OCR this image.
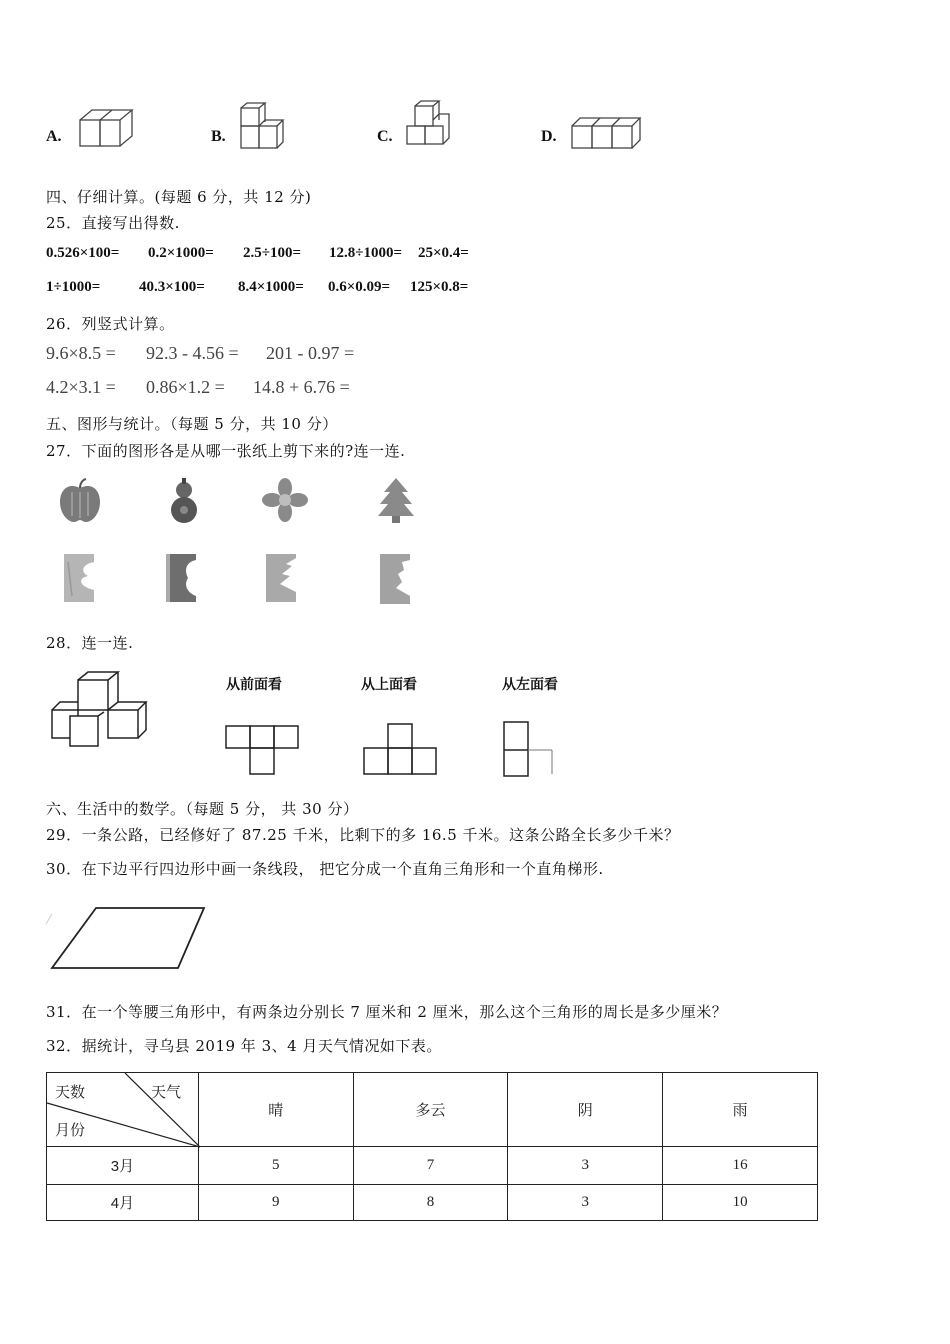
A.	B.	C.	D.
四、仔细计算。(每题 6 分，共 12 分)
25．直接写出得数.
0.526×100= 0.2×1000= 2.5÷100= 12.8÷1000= 25×0.4=
1÷1000=	40.3×100= 8.4×1000= 0.6×0.09= 125×0.8=
26．列竖式计算。
9.6×8.5 = 92.3 - 4.56 = 201 - 0.97 =
4.2×3.1 = 0.86×1.2 = 14.8 + 6.76 =
五、图形与统计。（每题 5 分，共 10 分）
27．下面的图形各是从哪一张纸上剪下来的?连一连.
28．连一连.
从前面看	从上面看	从左面看
六、生活中的数学。（每题 5 分， 共 30 分）
29．一条公路，已经修好了 87.25 千米，比剩下的多 16.5 千米。这条公路全长多少千米？
30．在下边平行四边形中画一条线段， 把它分成一个直角三角形和一个直角梯形.
31．在一个等腰三角形中，有两条边分别长 7 厘米和 2 厘米，那么这个三角形的周长是多少厘米？
32．据统计，寻乌县 2019 年 3、4 月天气情况如下表。
天数 天气
月份	晴	多云	阴	雨
3月	5	7	3	16
4月	9	8	3	10
